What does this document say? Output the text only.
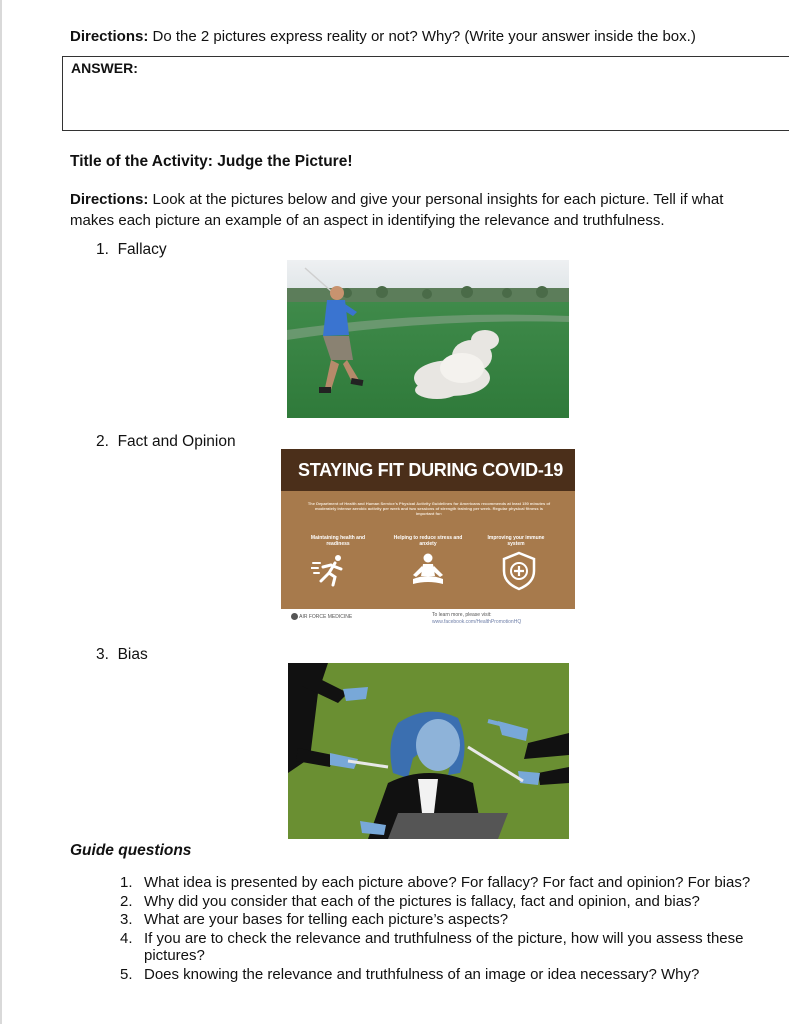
Directions: Do the 2 pictures express reality or not? Why? (Write your answer inside the box.)
ANSWER:
Title of the Activity: Judge the Picture!
Directions: Look at the pictures below and give your personal insights for each picture. Tell if what
makes each picture an example of an aspect in identifying the relevance and truthfulness.
1. Fallacy
2. Fact and Opinion
STAYING FIT DURING COVID-19
The Department of Health and Human Service's Physical Activity Guidelines for Americans recommends at least 150 minutes of moderately intense aerobic activity per week and two sessions of strength training per week. Regular physical fitness is important for:
Maintaining health and readiness
Helping to reduce stress and anxiety
Improving your immune system
AIR FORCE MEDICINE	To learn more, please visit:
www.facebook.com/HealthPromotionHQ
3. Bias
Guide questions
1. What idea is presented by each picture above? For fallacy? For fact and opinion? For bias?
2. Why did you consider that each of the pictures is fallacy, fact and opinion, and bias?
3. What are your bases for telling each picture’s aspects?
4. If you are to check the relevance and truthfulness of the picture, how will you assess these pictures?
5. Does knowing the relevance and truthfulness of an image or idea necessary? Why?
